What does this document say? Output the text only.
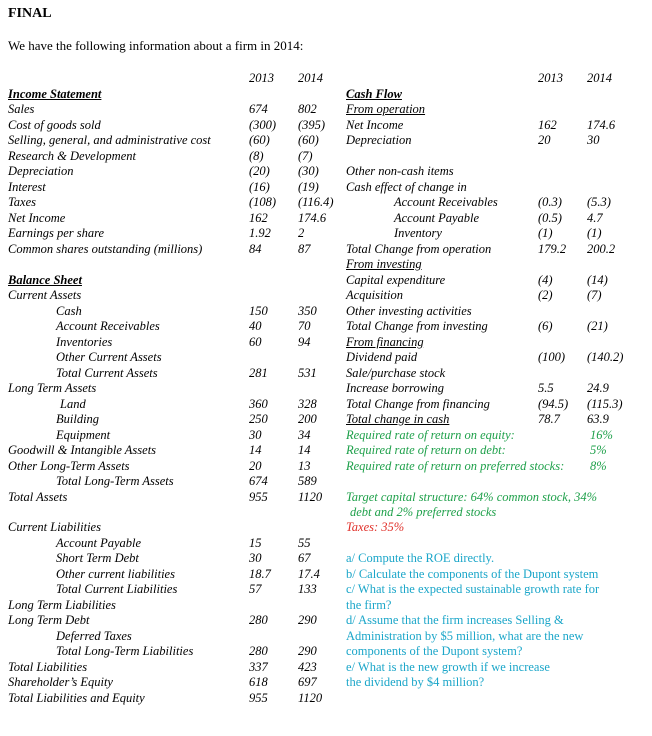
FINAL
We have the following information about a firm in 2014:
2013 2014	2013 2014
Income Statement
Sales	674 802
Cost of goods sold	(300) (395)
Selling, general, and administrative cost	(60) (60)
Research & Development	(8)	(7)
Depreciation	(20) (30)
Interest	(16) (19)
Taxes	(108) (116.4)
Net Income	162 174.6
Earnings per share	1.92 2
Common shares outstanding (millions)	84	87
Balance Sheet
Current Assets
Cash	150 350
Account Receivables	40	70
Inventories	60	94
Other Current Assets
Total Current Assets	281 531
Long Term Assets
Land	360 328
Building	250 200
Equipment	30	34
Goodwill & Intangible Assets	14	14
Other Long-Term Assets	20	13
Total Long-Term Assets	674 589
Total Assets	955 1120
Current Liabilities
Account Payable	15	55
Short Term Debt	30	67
Other current liabilities	18.7 17.4
Total Current Liabilities	57	133
Long Term Liabilities
Long Term Debt	280 290
Deferred Taxes
Total Long-Term Liabilities	280 290
Total Liabilities	337 423
Shareholder’s Equity	618 697
Total Liabilities and Equity	955 1120
Cash Flow
From operation
Net Income	162 174.6
Depreciation	20	30
Other non-cash items
Cash effect of change in
Account Receivables	(0.3) (5.3)
Account Payable	(0.5) 4.7
Inventory	(1)	(1)
Total Change from operation	179.2 200.2
From investing
Capital expenditure	(4)	(14)
Acquisition	(2)	(7)
Other investing activities
Total Change from investing	(6)	(21)
From financing
Dividend paid	(100) (140.2)
Sale/purchase stock
Increase borrowing	5.5	24.9
Total Change from financing	(94.5) (115.3)
Total change in cash	78.7 63.9
Required rate of return on equity:	16%
Required rate of return on debt:	5%
Required rate of return on preferred stocks: 8%
Target capital structure: 64% common stock, 34%
debt and 2% preferred stocks
Taxes: 35%
a/ Compute the ROE directly.
b/ Calculate the components of the Dupont system
c/ What is the expected sustainable growth rate for
the firm?
d/ Assume that the firm increases Selling &
Administration by $5 million, what are the new
components of the Dupont system?
e/ What is the new growth if we increase
the dividend by $4 million?
